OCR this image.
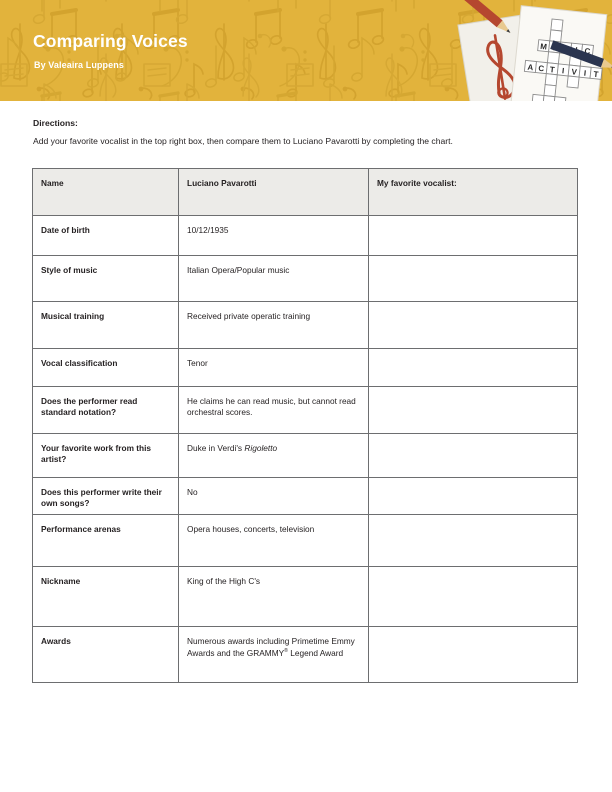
Comparing Voices
By Valeaira Luppens
M	C
A C T I V I T

Directions:

Add your favorite vocalist in the top right box, then compare them to Luciano Pavarotti by completing the chart.

Name	Luciano Pavarotti	My favorite vocalist:
Date of birth	10/12/1935	
Style of music	Italian Opera/Popular music	
Musical training	Received private operatic training	
Vocal classification	Tenor	
Does the performer read standard notation?	He claims he can read music, but cannot read orchestral scores.	
Your favorite work from this artist?	Duke in Verdi's Rigoletto	
Does this performer write their own songs?	No	
Performance arenas	Opera houses, concerts, television	
Nickname	King of the High C's	
Awards	Numerous awards including Primetime Emmy Awards and the GRAMMY® Legend Award	
